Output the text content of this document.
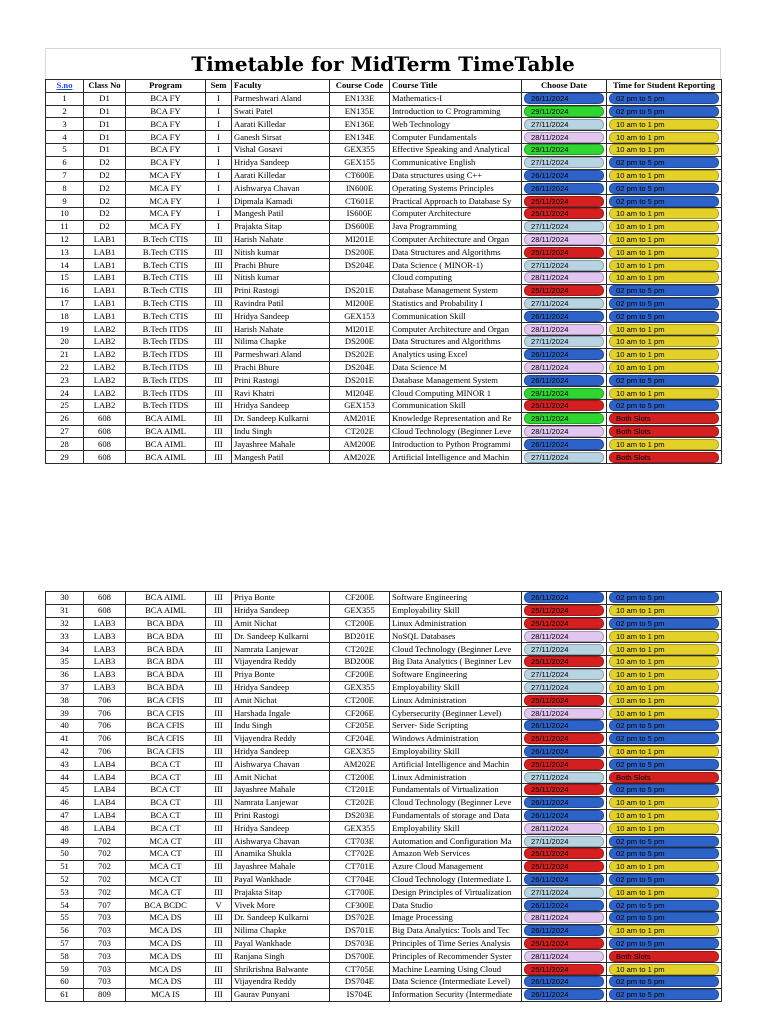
Timetable for MidTerm TimeTable
S.no	Class No	Program	Sem	Faculty	Course Code	Course Title	Choose Date	Time for Student Reporting
1	D1	BCA FY	I	Parmeshwari Aland	EN133E	Mathematics-I	26/11/2024	02 pm to 5 pm

2	D1	BCA FY	I	Swati Patel	EN135E	Introduction to C Programming	29/11/2024	02 pm to 5 pm

3	D1	BCA FY	I	Aarati Killedar	EN136E	Web Technology	27/11/2024	10 am to 1 pm

4	D1	BCA FY	I	Ganesh Sirsat	EN134E	Computer Fundamentals	28/11/2024	10 am to 1 pm

5	D1	BCA FY	I	Vishal Gosavi	GEX355	Effective Speaking and Analytical	29/11/2024	10 am to 1 pm

6	D2	BCA FY	I	Hridya Sandeep	GEX155	Communicative English	27/11/2024	02 pm to 5 pm

7	D2	MCA FY	I	Aarati Killedar	CT600E	Data structures using C++	26/11/2024	10 am to 1 pm

8	D2	MCA FY	I	Aishwarya Chavan	IN600E	Operating Systems Principles	26/11/2024	02 pm to 5 pm

9	D2	MCA FY	I	Dipmala Kamadi	CT601E	Practical Approach to Database Sy	25/11/2024	02 pm to 5 pm

10	D2	MCA FY	I	Mangesh Patil	IS600E	Computer Architecture	25/11/2024	10 am to 1 pm

11	D2	MCA FY	I	Prajakta Sitap	DS600E	Java Programming	27/11/2024	10 am to 1 pm

12	LAB1	B.Tech CTIS	III	Harish Nahate	MI201E	Computer Architecture and Organ	28/11/2024	10 am to 1 pm

13	LAB1	B.Tech CTIS	III	Nitish kumar	DS200E	Data Structures and Algorithms	25/11/2024	10 am to 1 pm

14	LAB1	B.Tech CTIS	III	Prachi Bhure	DS204E	Data Science ( MINOR-1)	27/11/2024	10 am to 1 pm

15	LAB1	B.Tech CTIS	III	Nitish kumar		Cloud computing	28/11/2024	10 am to 1 pm

16	LAB1	B.Tech CTIS	III	Prini Rastogi	DS201E	Database Management System	25/11/2024	02 pm to 5 pm

17	LAB1	B.Tech CTIS	III	Ravindra Patil	MI200E	Statistics and Probability I	27/11/2024	02 pm to 5 pm

18	LAB1	B.Tech CTIS	III	Hridya Sandeep	GEX153	Communication Skill	26/11/2024	02 pm to 5 pm

19	LAB2	B.Tech ITDS	III	Harish Nahate	MI201E	Computer Architecture and Organ	28/11/2024	10 am to 1 pm

20	LAB2	B.Tech ITDS	III	Nilima Chapke	DS200E	Data Structures and Algorithms	27/11/2024	10 am to 1 pm

21	LAB2	B.Tech ITDS	III	Parmeshwari Aland	DS202E	Analytics using Excel	26/11/2024	10 am to 1 pm

22	LAB2	B.Tech ITDS	III	Prachi Bhure	DS204E	Data Science M	28/11/2024	10 am to 1 pm

23	LAB2	B.Tech ITDS	III	Prini Rastogi	DS201E	Database Management System	26/11/2024	02 pm to 5 pm

24	LAB2	B.Tech ITDS	III	Ravi Khatri	MI204E	Cloud Computing MINOR 1	29/11/2024	10 am to 1 pm

25	LAB2	B.Tech ITDS	III	Hridya Sandeep	GEX153	Communication Skill	25/11/2024	02 pm to 5 pm

26	608	BCA AIML	III	Dr. Sandeep Kulkarni	AM201E	Knowledge Representation and Re	29/11/2024	Both Slots

27	608	BCA AIML	III	Indu Singh	CT202E	Cloud Technology (Beginner Leve	28/11/2024	Both Slots

28	608	BCA AIML	III	Jayashree Mahale	AM200E	Introduction to Python Programmi	26/11/2024	10 am to 1 pm

29	608	BCA AIML	III	Mangesh Patil	AM202E	Artificial Intelligence and Machin	27/11/2024	Both Slots
30	608	BCA AIML	III	Priya Bonte	CF200E	Software Engineering	26/11/2024	02 pm to 5 pm

31	608	BCA AIML	III	Hridya Sandeep	GEX355	Employability Skill	25/11/2024	10 am to 1 pm

32	LAB3	BCA BDA	III	Amit Nichat	CT200E	Linux Administration	25/11/2024	02 pm to 5 pm

33	LAB3	BCA BDA	III	Dr. Sandeep Kulkarni	BD201E	NoSQL Databases	28/11/2024	10 am to 1 pm

34	LAB3	BCA BDA	III	Namrata Lanjewar	CT202E	Cloud Technology (Beginner Leve	27/11/2024	10 am to 1 pm

35	LAB3	BCA BDA	III	Vijayendra Reddy	BD200E	Big Data Analytics ( Beginner Lev	25/11/2024	10 am to 1 pm

36	LAB3	BCA BDA	III	Priya Bonte	CF200E	Software Engineering	27/11/2024	10 am to 1 pm

37	LAB3	BCA BDA	III	Hridya Sandeep	GEX355	Employability Skill	27/11/2024	10 am to 1 pm

38	706	BCA CFIS	III	Amit Nichat	CT200E	Linux Administration	25/11/2024	10 am to 1 pm

39	706	BCA CFIS	III	Harshada Ingale	CF206E	Cybersecurity (Beginner Level)	28/11/2024	10 am to 1 pm

40	706	BCA CFIS	III	Indu Singh	CF205E	Server- Side Scripting	26/11/2024	02 pm to 5 pm

41	706	BCA CFIS	III	Vijayendra Reddy	CF204E	Windows Administration	25/11/2024	02 pm to 5 pm

42	706	BCA CFIS	III	Hridya Sandeep	GEX355	Employability Skill	26/11/2024	10 am to 1 pm

43	LAB4	BCA CT	III	Aishwarya Chavan	AM202E	Artificial Intelligence and Machin	25/11/2024	02 pm to 5 pm

44	LAB4	BCA CT	III	Amit Nichat	CT200E	Linux Administration	27/11/2024	Both Slots

45	LAB4	BCA CT	III	Jayashree Mahale	CT201E	Fundamentals of Virtualization	25/11/2024	02 pm to 5 pm

46	LAB4	BCA CT	III	Namrata Lanjewar	CT202E	Cloud Technology (Beginner Leve	26/11/2024	10 am to 1 pm

47	LAB4	BCA CT	III	Prini Rastogi	DS203E	Fundamentals of storage and Data	26/11/2024	10 am to 1 pm

48	LAB4	BCA CT	III	Hridya Sandeep	GEX355	Employability Skill	28/11/2024	10 am to 1 pm

49	702	MCA CT	III	Aishwarya Chavan	CT703E	Automation and Configuration Ma	27/11/2024	02 pm to 5 pm

50	702	MCA CT	III	Anamika Shukla	CT702E	Amazon Web Services	25/11/2024	02 pm to 5 pm

51	702	MCA CT	III	Jayashree Mahale	CT701E	Azure Cloud Management	25/11/2024	10 am to 1 pm

52	702	MCA CT	III	Payal Wankhade	CT704E	Cloud Technology (Intermediate L	26/11/2024	02 pm to 5 pm

53	702	MCA CT	III	Prajakta Sitap	CT700E	Design Principles of Virtualization	27/11/2024	10 am to 1 pm

54	707	BCA BCDC	V	Vivek More	CF300E	Data Studio	26/11/2024	02 pm to 5 pm

55	703	MCA DS	III	Dr. Sandeep Kulkarni	DS702E	Image Processing	28/11/2024	02 pm to 5 pm

56	703	MCA DS	III	Nilima Chapke	DS701E	Big Data Analytics: Tools and Tec	26/11/2024	10 am to 1 pm

57	703	MCA DS	III	Payal Wankhade	DS703E	Principles of Time Series Analysis	25/11/2024	02 pm to 5 pm

58	703	MCA DS	III	Ranjana Singh	DS700E	Principles of Recommender Syster	28/11/2024	Both Slots

59	703	MCA DS	III	Shrikrishna Balwante	CT705E	Machine Learning Using Cloud	25/11/2024	10 am to 1 pm

60	703	MCA DS	III	Vijayendra Reddy	DS704E	Data Science (Intermediate Level)	26/11/2024	02 pm to 5 pm

61	809	MCA IS	III	Gaurav Punyani	IS704E	Information Security (Intermediate	26/11/2024	02 pm to 5 pm
